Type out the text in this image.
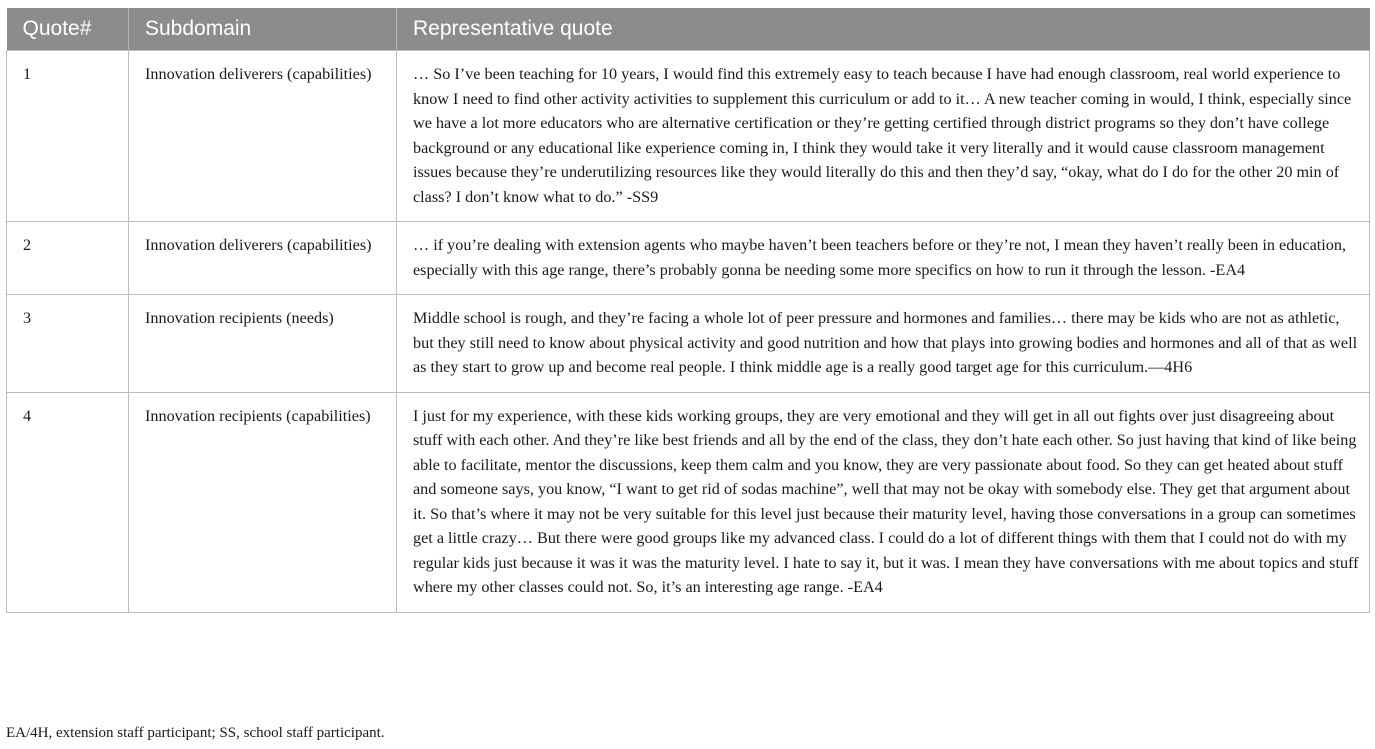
Quote#	Subdomain	Representative quote
1	Innovation deliverers (capabilities)	… So I’ve been teaching for 10 years, I would find this extremely easy to teach because I have had enough classroom, real world experience to know I need to find other activity activities to supplement this curriculum or add to it… A new teacher coming in would, I think, especially since we have a lot more educators who are alternative certification or they’re getting certified through district programs so they don’t have college background or any educational like experience coming in, I think they would take it very literally and it would cause classroom management issues because they’re underutilizing resources like they would literally do this and then they’d say, “okay, what do I do for the other 20 min of class? I don’t know what to do.” -SS9
2	Innovation deliverers (capabilities)	… if you’re dealing with extension agents who maybe haven’t been teachers before or they’re not, I mean they haven’t really been in education, especially with this age range, there’s probably gonna be needing some more specifics on how to run it through the lesson. -EA4
3	Innovation recipients (needs)	Middle school is rough, and they’re facing a whole lot of peer pressure and hormones and families… there may be kids who are not as athletic, but they still need to know about physical activity and good nutrition and how that plays into growing bodies and hormones and all of that as well as they start to grow up and become real people. I think middle age is a really good target age for this curriculum.—4H6
4	Innovation recipients (capabilities)	I just for my experience, with these kids working groups, they are very emotional and they will get in all out fights over just disagreeing about stuff with each other. And they’re like best friends and all by the end of the class, they don’t hate each other. So just having that kind of like being able to facilitate, mentor the discussions, keep them calm and you know, they are very passionate about food. So they can get heated about stuff and someone says, you know, “I want to get rid of sodas machine”, well that may not be okay with somebody else. They get that argument about it. So that’s where it may not be very suitable for this level just because their maturity level, having those conversations in a group can sometimes get a little crazy… But there were good groups like my advanced class. I could do a lot of different things with them that I could not do with my regular kids just because it was it was the maturity level. I hate to say it, but it was. I mean they have conversations with me about topics and stuff where my other classes could not. So, it’s an interesting age range. -EA4
EA/4H, extension staff participant; SS, school staff participant.
